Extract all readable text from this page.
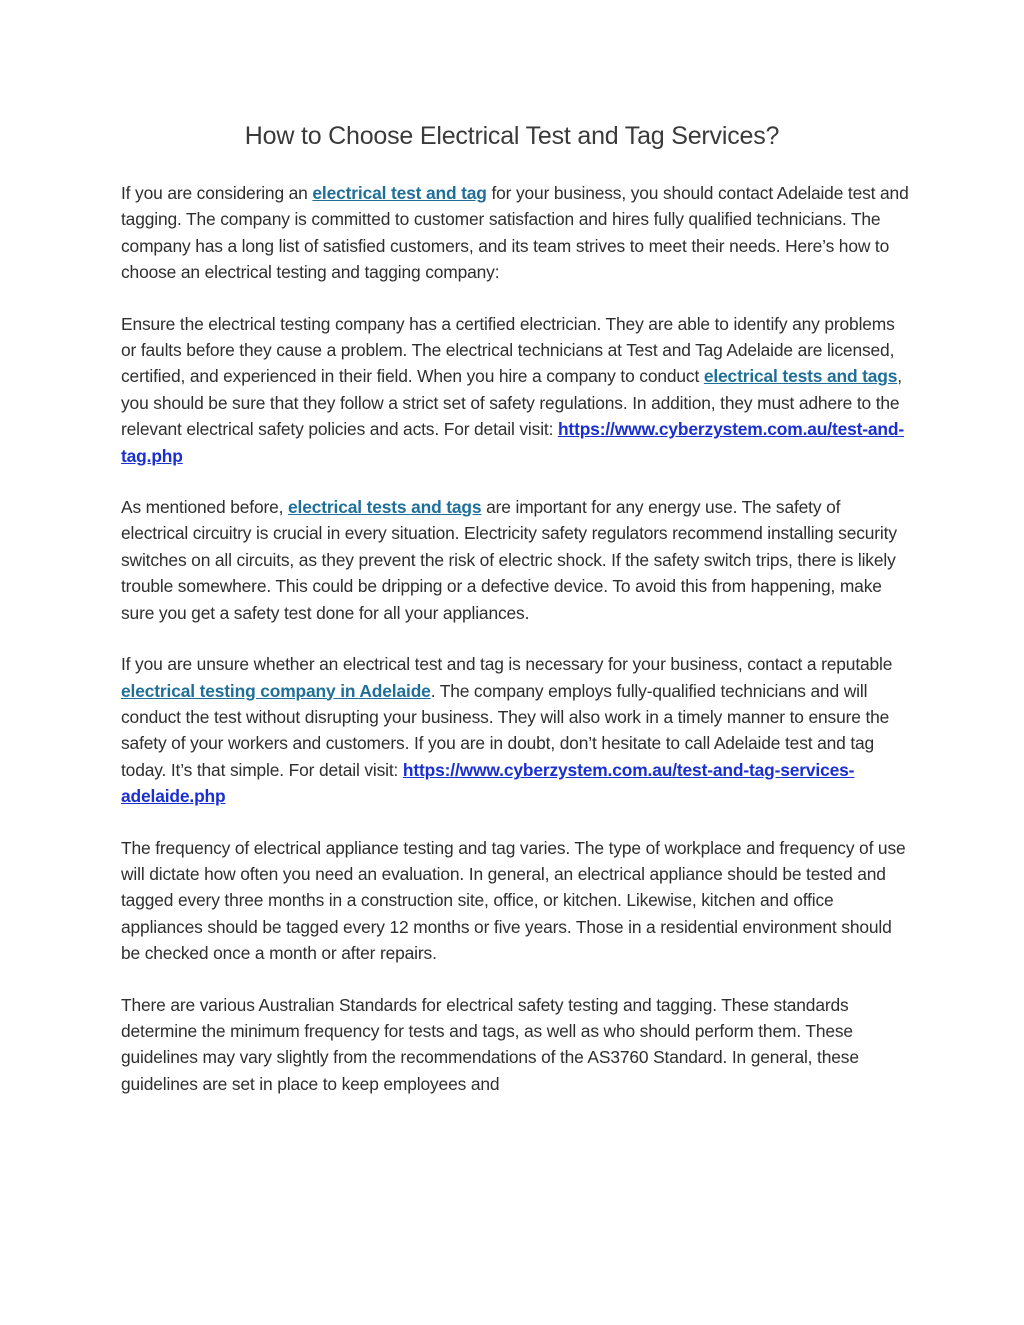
How to Choose Electrical Test and Tag Services?

If you are considering an electrical test and tag for your business, you should contact Adelaide test and tagging. The company is committed to customer satisfaction and hires fully qualified technicians. The company has a long list of satisfied customers, and its team strives to meet their needs. Here’s how to choose an electrical testing and tagging company:

Ensure the electrical testing company has a certified electrician. They are able to identify any problems or faults before they cause a problem. The electrical technicians at Test and Tag Adelaide are licensed, certified, and experienced in their field. When you hire a company to conduct electrical tests and tags, you should be sure that they follow a strict set of safety regulations. In addition, they must adhere to the relevant electrical safety policies and acts. For detail visit: https://www.cyberzystem.com.au/test-and-tag.php

As mentioned before, electrical tests and tags are important for any energy use. The safety of electrical circuitry is crucial in every situation. Electricity safety regulators recommend installing security switches on all circuits, as they prevent the risk of electric shock. If the safety switch trips, there is likely trouble somewhere. This could be dripping or a defective device. To avoid this from happening, make sure you get a safety test done for all your appliances.

If you are unsure whether an electrical test and tag is necessary for your business, contact a reputable electrical testing company in Adelaide. The company employs fully-qualified technicians and will conduct the test without disrupting your business. They will also work in a timely manner to ensure the safety of your workers and customers. If you are in doubt, don’t hesitate to call Adelaide test and tag today. It’s that simple. For detail visit: https://www.cyberzystem.com.au/test-and-tag-services-adelaide.php

The frequency of electrical appliance testing and tag varies. The type of workplace and frequency of use will dictate how often you need an evaluation. In general, an electrical appliance should be tested and tagged every three months in a construction site, office, or kitchen. Likewise, kitchen and office appliances should be tagged every 12 months or five years. Those in a residential environment should be checked once a month or after repairs.

There are various Australian Standards for electrical safety testing and tagging. These standards determine the minimum frequency for tests and tags, as well as who should perform them. These guidelines may vary slightly from the recommendations of the AS3760 Standard. In general, these guidelines are set in place to keep employees and
